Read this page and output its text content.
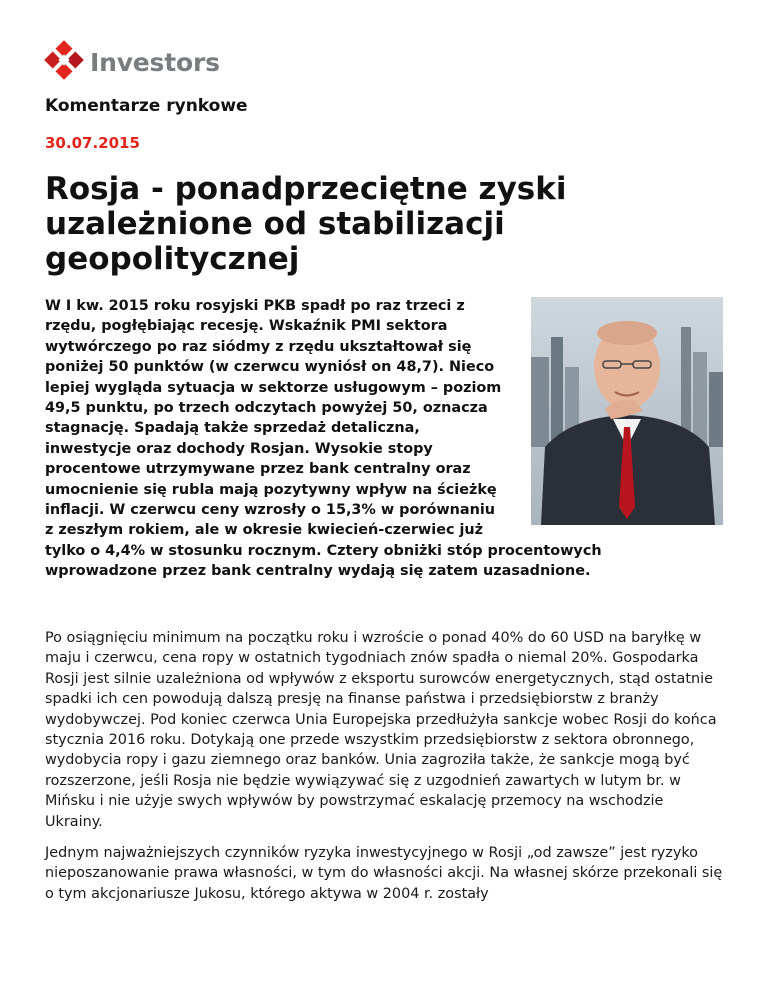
Investors
Komentarze rynkowe
30.07.2015
Rosja - ponadprzeciętne zyski uzależnione od stabilizacji geopolitycznej

W I kw. 2015 roku rosyjski PKB spadł po raz trzeci z rzędu, pogłębiając recesję. Wskaźnik PMI sektora wytwórczego po raz siódmy z rzędu ukształtował się poniżej 50 punktów (w czerwcu wyniósł on 48,7). Nieco lepiej wygląda sytuacja w sektorze usługowym – poziom 49,5 punktu, po trzech odczytach powyżej 50, oznacza stagnację. Spadają także sprzedaż detaliczna, inwestycje oraz dochody Rosjan. Wysokie stopy procentowe utrzymywane przez bank centralny oraz umocnienie się rubla mają pozytywny wpływ na ścieżkę inflacji. W czerwcu ceny wzrosły o 15,3% w porównaniu z zeszłym rokiem, ale w okresie kwiecień-czerwiec już tylko o 4,4% w stosunku rocznym. Cztery obniżki stóp procentowych wprowadzone przez bank centralny wydają się zatem uzasadnione.

Po osiągnięciu minimum na początku roku i wzroście o ponad 40% do 60 USD na baryłkę w maju i czerwcu, cena ropy w ostatnich tygodniach znów spadła o niemal 20%. Gospodarka Rosji jest silnie uzależniona od wpływów z eksportu surowców energetycznych, stąd ostatnie spadki ich cen powodują dalszą presję na finanse państwa i przedsiębiorstw z branży wydobywczej. Pod koniec czerwca Unia Europejska przedłużyła sankcje wobec Rosji do końca stycznia 2016 roku. Dotykają one przede wszystkim przedsiębiorstw z sektora obronnego, wydobycia ropy i gazu ziemnego oraz banków. Unia zagroziła także, że sankcje mogą być rozszerzone, jeśli Rosja nie będzie wywiązywać się z uzgodnień zawartych w lutym br. w Mińsku i nie użyje swych wpływów by powstrzymać eskalację przemocy na wschodzie Ukrainy.

Jednym najważniejszych czynników ryzyka inwestycyjnego w Rosji „od zawsze” jest ryzyko nieposzanowanie prawa własności, w tym do własności akcji. Na własnej skórze przekonali się o tym akcjonariusze Jukosu, którego aktywa w 2004 r. zostały
